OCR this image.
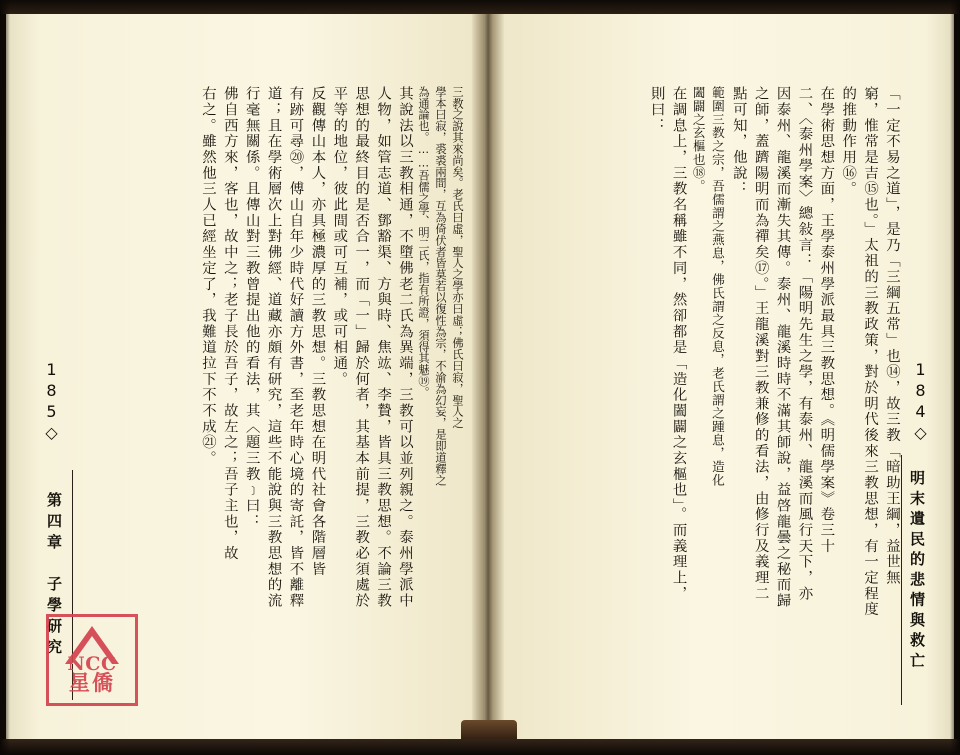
「一定不易之道」，是乃「三綱五常」也⑭，故三教「暗助王綱，益世無
窮，惟常是吉⑮也。」太祖的三教政策，對於明代後來三教思想，有一定程度
的推動作用⑯。
在學術思想方面，王學泰州學派最具三教思想。《明儒學案》卷三十
二、〈泰州學案〉總敍言：「陽明先生之學，有泰州、龍溪而風行天下，亦
因泰州、龍溪而漸失其傳。泰州、龍溪時時不滿其師說，益啓龍曇之秘而歸
之師，蓋躋陽明而為禪矣⑰。」王龍溪對三教兼修的看法，由修行及義理二
點可知，他說：
範圍三教之宗，吾儒謂之燕息，佛氏謂之反息，老氏謂之踵息，造化
闔闢之玄樞也⑱。
在調息上，三教名稱雖不同，然卻都是「造化闔闢之玄樞也」。而義理上，
則曰：
明末遺民的悲情與救亡
184◇
三教之說其來尚矣。老氏曰虛，聖人之學亦曰虛；佛氏曰寂，聖人之
學本曰寂，裘裘兩間，互為倚伏者皆莫若以復性為宗，不渝為幻妄，是即道釋之
為通論也。……吾儒之學、明二氏，指有所證，須得其魅⑲。
其說法以三教相通，不墮佛老二氏為異端，三教可以並列親之。泰州學派中
人物，如管志道、鄧豁渠、方與時、焦竑、李贄，皆具三教思想。不論三教
思想的最終目的是否合一，而「一」歸於何者，其基本前提，三教必須處於
平等的地位，彼此間或可互補，或可相通。
反觀傳山本人，亦具極濃厚的三教思想。三教思想在明代社會各階層皆
有跡可尋⑳，傅山自年少時代好讀方外書，至老年時心境的寄託，皆不離釋
道；且在學術層次上對佛經、道藏亦頗有研究，這些不能說與三教思想的流
行毫無關係。且傳山對三教曾提出他的看法，其〈題三教﹞曰：
佛自西方來，客也，故中之；老子長於吾子，故左之；吾子主也，故
右之。雖然他三人已經坐定了，我難道拉下不不成㉑。
第四章　子學研究
185◇
NCC
星僑
